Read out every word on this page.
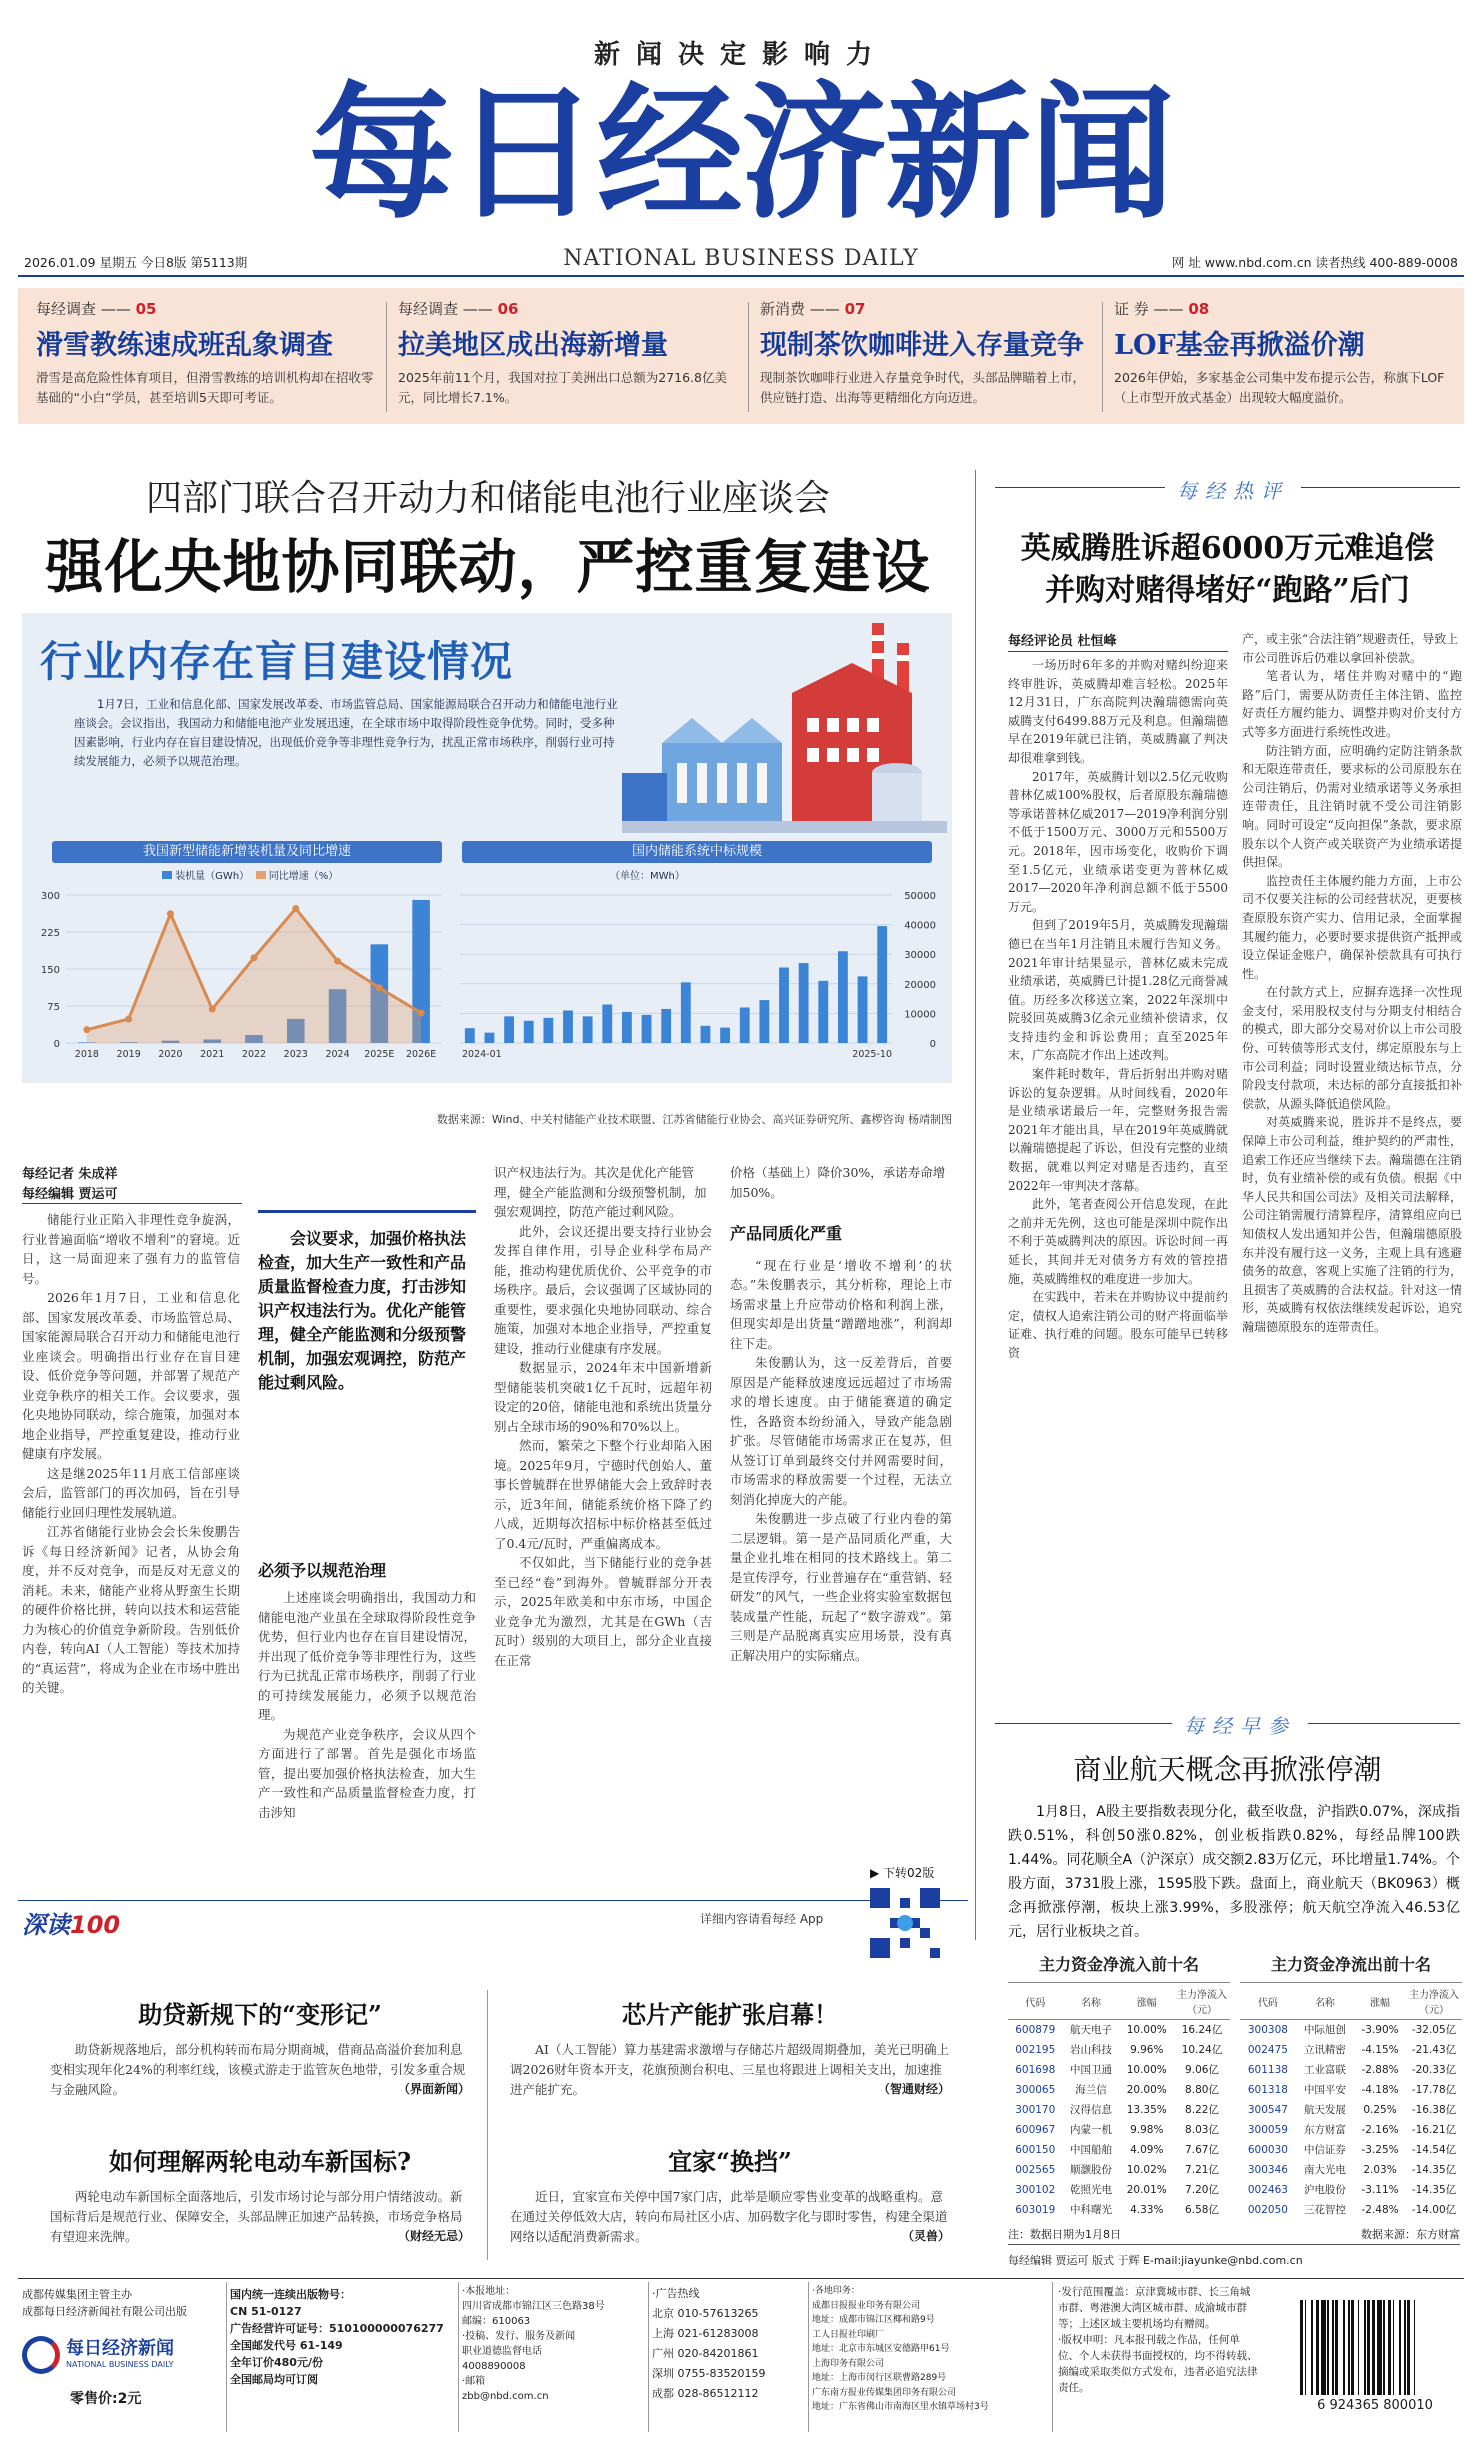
新闻决定影响力
每日经济新闻
2026.01.09 星期五 今日8版 第5113期	NATIONAL BUSINESS DAILY	网 址 www.nbd.com.cn 读者热线 400-889-0008
每经调查 —— 05
滑雪教练速成班乱象调查
滑雪是高危险性体育项目，但滑雪教练的培训机构却在招收零基础的“小白”学员，甚至培训5天即可考证。
每经调查 —— 06
拉美地区成出海新增量
2025年前11个月，我国对拉丁美洲出口总额为2716.8亿美元，同比增长7.1%。
新消费 —— 07
现制茶饮咖啡进入存量竞争
现制茶饮咖啡行业进入存量竞争时代，头部品牌瞄着上市，供应链打造、出海等更精细化方向迈进。
证 券 —— 08
LOF基金再掀溢价潮
2026年伊始，多家基金公司集中发布提示公告，称旗下LOF（上市型开放式基金）出现较大幅度溢价。
四部门联合召开动力和储能电池行业座谈会
强化央地协同联动，严控重复建设
行业内存在盲目建设情况
1月7日，工业和信息化部、国家发展改革委、市场监管总局、国家能源局联合召开动力和储能电池行业座谈会。会议指出，我国动力和储能电池产业发展迅速，在全球市场中取得阶段性竞争优势。同时，受多种因素影响，行业内存在盲目建设情况，出现低价竞争等非理性竞争行为，扰乱正常市场秩序，削弱行业可持续发展能力，必须予以规范治理。
我国新型储能新增装机量及同比增速	国内储能系统中标规模
装机量（GWh） 同比增速（%）	（单位：MWh）
0
75
150
225
300
2018 2019 2020 2021 2022 2023 2024 2025E 2026E
0
10000
20000
30000
40000
50000
2024-01	2025-10
数据来源：Wind、中关村储能产业技术联盟、江苏省储能行业协会、高兴证券研究所、鑫椤咨询 杨靖制图
每经记者 朱成祥
每经编辑 贾运可

储能行业正陷入非理性竞争旋涡，行业普遍面临“增收不增利”的窘境。近日，这一局面迎来了强有力的监管信号。

2026年1月7日，工业和信息化部、国家发展改革委、市场监管总局、国家能源局联合召开动力和储能电池行业座谈会。明确指出行业存在盲目建设、低价竞争等问题，并部署了规范产业竞争秩序的相关工作。会议要求，强化央地协同联动，综合施策，加强对本地企业指导，严控重复建设，推动行业健康有序发展。

这是继2025年11月底工信部座谈会后，监管部门的再次加码，旨在引导储能行业回归理性发展轨道。

江苏省储能行业协会会长朱俊鹏告诉《每日经济新闻》记者，从协会角度，并不反对竞争，而是反对无意义的消耗。未来，储能产业将从野蛮生长期的硬件价格比拼，转向以技术和运营能力为核心的价值竞争新阶段。告别低价内卷，转向AI（人工智能）等技术加持的“真运营”，将成为企业在市场中胜出的关键。

会议要求，加强价格执法检查，加大生产一致性和产品质量监督检查力度，打击涉知识产权违法行为。优化产能管理，健全产能监测和分级预警机制，加强宏观调控，防范产能过剩风险。
必须予以规范治理

上述座谈会明确指出，我国动力和储能电池产业虽在全球取得阶段性竞争优势，但行业内也存在盲目建设情况，并出现了低价竞争等非理性行为，这些行为已扰乱正常市场秩序，削弱了行业的可持续发展能力，必须予以规范治理。

为规范产业竞争秩序，会议从四个方面进行了部署。首先是强化市场监管，提出要加强价格执法检查，加大生产一致性和产品质量监督检查力度，打击涉知

识产权违法行为。其次是优化产能管理，健全产能监测和分级预警机制，加强宏观调控，防范产能过剩风险。

此外，会议还提出要支持行业协会发挥自律作用，引导企业科学布局产能，推动构建优质优价、公平竞争的市场秩序。最后，会议强调了区域协同的重要性，要求强化央地协同联动、综合施策，加强对本地企业指导，严控重复建设，推动行业健康有序发展。

数据显示，2024年末中国新增新型储能装机突破1亿千瓦时，远超年初设定的20倍，储能电池和系统出货量分别占全球市场的90%和70%以上。

然而，繁荣之下整个行业却陷入困境。2025年9月，宁德时代创始人、董事长曾毓群在世界储能大会上致辞时表示，近3年间，储能系统价格下降了约八成，近期每次招标中标价格甚至低过了0.4元/瓦时，严重偏离成本。

不仅如此，当下储能行业的竞争甚至已经“卷”到海外。曾毓群部分开表示，2025年欧美和中东市场，中国企业竞争尤为激烈，尤其是在GWh（吉瓦时）级别的大项目上，部分企业直接在正常

价格（基础上）降价30%，承诺寿命增加50%。

产品同质化严重

“现在行业是‘增收不增利’的状态。”朱俊鹏表示，其分析称，理论上市场需求量上升应带动价格和利润上涨，但现实却是出货量“蹭蹭地涨”，利润却往下走。

朱俊鹏认为，这一反差背后，首要原因是产能释放速度远远超过了市场需求的增长速度。由于储能赛道的确定性，各路资本纷纷涌入，导致产能急剧扩张。尽管储能市场需求正在复苏，但从签订订单到最终交付并网需要时间，市场需求的释放需要一个过程，无法立刻消化掉庞大的产能。

朱俊鹏进一步点破了行业内卷的第二层逻辑。第一是产品同质化严重，大量企业扎堆在相同的技术路线上。第二是宣传浮夸，行业普遍存在“重营销、轻研发”的风气，一些企业将实验室数据包装成量产性能，玩起了“数字游戏”。第三则是产品脱离真实应用场景，没有真正解决用户的实际痛点。

▶ 下转02版
每经热评
英威腾胜诉超6000万元难追偿
并购对赌得堵好“跑路”后门
每经评论员 杜恒峰

一场历时6年多的并购对赌纠纷迎来终审胜诉，英威腾却难言轻松。2025年12月31日，广东高院判决瀚瑞德需向英威腾支付6499.88万元及利息。但瀚瑞德早在2019年就已注销，英威腾赢了判决却很难拿到钱。

2017年，英威腾计划以2.5亿元收购普林亿威100%股权，后者原股东瀚瑞德等承诺普林亿威2017—2019净利润分别不低于1500万元、3000万元和5500万元。2018年，因市场变化，收购价下调至1.5亿元，业绩承诺变更为普林亿威2017—2020年净利润总额不低于5500万元。

但到了2019年5月，英威腾发现瀚瑞德已在当年1月注销且未履行告知义务。2021年审计结果显示，普林亿威未完成业绩承诺，英威腾已计提1.28亿元商誉减值。历经多次移送立案，2022年深圳中院驳回英威腾3亿余元业绩补偿请求，仅支持违约金和诉讼费用；直至2025年末，广东高院才作出上述改判。

案件耗时数年，背后折射出并购对赌诉讼的复杂逻辑。从时间线看，2020年是业绩承诺最后一年，完整财务报告需2021年才能出具，早在2019年英威腾就以瀚瑞德提起了诉讼，但没有完整的业绩数据，就难以判定对赌是否违约，直至2022年一审判决才落幕。

此外，笔者查阅公开信息发现，在此之前并无先例，这也可能是深圳中院作出不利于英威腾判决的原因。诉讼时间一再延长，其间并无对债务方有效的管控措施，英威腾维权的难度进一步加大。

在实践中，若未在并购协议中提前约定，债权人追索注销公司的财产将面临举证难、执行难的问题。股东可能早已转移资

产，或主张“合法注销”规避责任，导致上市公司胜诉后仍难以拿回补偿款。

笔者认为，堵住并购对赌中的“跑路”后门，需要从防责任主体注销、监控好责任方履约能力、调整并购对价支付方式等多方面进行系统性改进。

防注销方面，应明确约定防注销条款和无限连带责任，要求标的公司原股东在公司注销后，仍需对业绩承诺等义务承担连带责任，且注销时就不受公司注销影响。同时可设定“反向担保”条款，要求原股东以个人资产或关联资产为业绩承诺提供担保。

监控责任主体履约能力方面，上市公司不仅要关注标的公司经营状况，更要核查原股东资产实力、信用记录，全面掌握其履约能力，必要时要求提供资产抵押或设立保证金账户，确保补偿款具有可执行性。

在付款方式上，应摒弃选择一次性现金支付，采用股权支付与分期支付相结合的模式，即大部分交易对价以上市公司股份、可转债等形式支付，绑定原股东与上市公司利益；同时设置业绩达标节点，分阶段支付款项，未达标的部分直接抵扣补偿款，从源头降低追偿风险。

对英威腾来说，胜诉并不是终点，要保障上市公司利益，维护契约的严肃性，追索工作还应当继续下去。瀚瑞德在注销时，负有业绩补偿的或有负债。根据《中华人民共和国公司法》及相关司法解释，公司注销需履行清算程序，清算组应向已知债权人发出通知并公告，但瀚瑞德原股东并没有履行这一义务，主观上具有逃避债务的故意，客观上实施了注销的行为，且损害了英威腾的合法权益。针对这一情形，英威腾有权依法继续发起诉讼，追究瀚瑞德原股东的连带责任。

每经早参
商业航天概念再掀涨停潮
1月8日，A股主要指数表现分化，截至收盘，沪指跌0.07%，深成指跌0.51%，科创50涨0.82%，创业板指跌0.82%，每经品牌100跌1.44%。同花顺全A（沪深京）成交额2.83万亿元，环比增量1.74%。个股方面，3731股上涨，1595股下跌。盘面上，商业航天（BK0963）概念再掀涨停潮，板块上涨3.99%，多股涨停；航天航空净流入46.53亿元，居行业板块之首。
主力资金净流入前十名	主力资金净流出前十名
代码	名称	涨幅	主力净流入（元）
600879	航天电子	10.00%	16.24亿
002195	岩山科技	9.96%	10.24亿
601698	中国卫通	10.00%	9.06亿
300065	海兰信	20.00%	8.80亿
300170	汉得信息	13.35%	8.22亿
600967	内蒙一机	9.98%	8.03亿
600150	中国船舶	4.09%	7.67亿
002565	顺灏股份	10.02%	7.21亿
300102	乾照光电	20.01%	7.20亿
603019	中科曙光	4.33%	6.58亿
代码	名称	涨幅	主力净流入（元）
300308	中际旭创	-3.90%	-32.05亿
002475	立讯精密	-4.15%	-21.43亿
601138	工业富联	-2.88%	-20.33亿
601318	中国平安	-4.18%	-17.78亿
300547	航天发展	0.25%	-16.38亿
300059	东方财富	-2.16%	-16.21亿
600030	中信证券	-3.25%	-14.54亿
300346	南大光电	2.03%	-14.35亿
002463	沪电股份	-3.11%	-14.35亿
002050	三花智控	-2.48%	-14.00亿
注：数据日期为1月8日	数据来源：东方财富
每经编辑 贾运可 版式 于辉 E-mail:jiayunke@nbd.com.cn
深读100	详细内容请看每经 App
助贷新规下的“变形记”
助贷新规落地后，部分机构转而布局分期商城，借商品高溢价套加利息变相实现年化24%的利率红线，该模式游走于监管灰色地带，引发多重合规与金融风险。	（界面新闻）
芯片产能扩张启幕！
AI（人工智能）算力基建需求激增与存储芯片超级周期叠加，美光已明确上调2026财年资本开支，花旗预测台积电、三星也将跟进上调相关支出，加速推进产能扩充。	（智通财经）
如何理解两轮电动车新国标?
两轮电动车新国标全面落地后，引发市场讨论与部分用户情绪波动。新国标背后是规范行业、保障安全，头部品牌正加速产品转换，市场竞争格局有望迎来洗牌。	（财经无忌）
宜家“换挡”
近日，宜家宣布关停中国7家门店，此举是顺应零售业变革的战略重构。意在通过关停低效大店，转向布局社区小店、加码数字化与即时零售，构建全渠道网络以适配消费新需求。	（灵兽）
成都传媒集团主管主办
成都每日经济新闻社有限公司出版
每日经济新闻
NATIONAL BUSINESS DAILY
零售价:2元
国内统一连续出版物号：
CN 51-0127
广告经营许可证号：510100000076277
全国邮发代号 61-149
全年订价480元/份
全国邮局均可订阅
·本报地址：
四川省成都市锦江区三色路38号
邮编：610063
·投稿、发行、服务及新闻
职业道德监督电话
4008890008
·邮箱
zbb@nbd.com.cn
·广告热线
北京 010-57613265
上海 021-61283008
广州 020-84201861
深圳 0755-83520159
成都 028-86512112
·各地印务：
成都日报报业印务有限公司
地址：成都市锦江区椰和路9号
工人日报社印刷厂
地址：北京市东城区安德路甲61号
上海印务有限公司
地址：上海市闵行区联曹路289号
广东南方报业传媒集团印务有限公司
地址：广东省佛山市南海区里水镇草场村3号
·发行范围覆盖：京津冀城市群、长三角城市群、粤港澳大湾区城市群、成渝城市群等；上述区域主要机场均有赠阅。
·版权申明：凡本报刊载之作品，任何单位、个人未获得书面授权的，均不得转载、摘编或采取类似方式发布，违者必追究法律责任。
6 924365 800010
